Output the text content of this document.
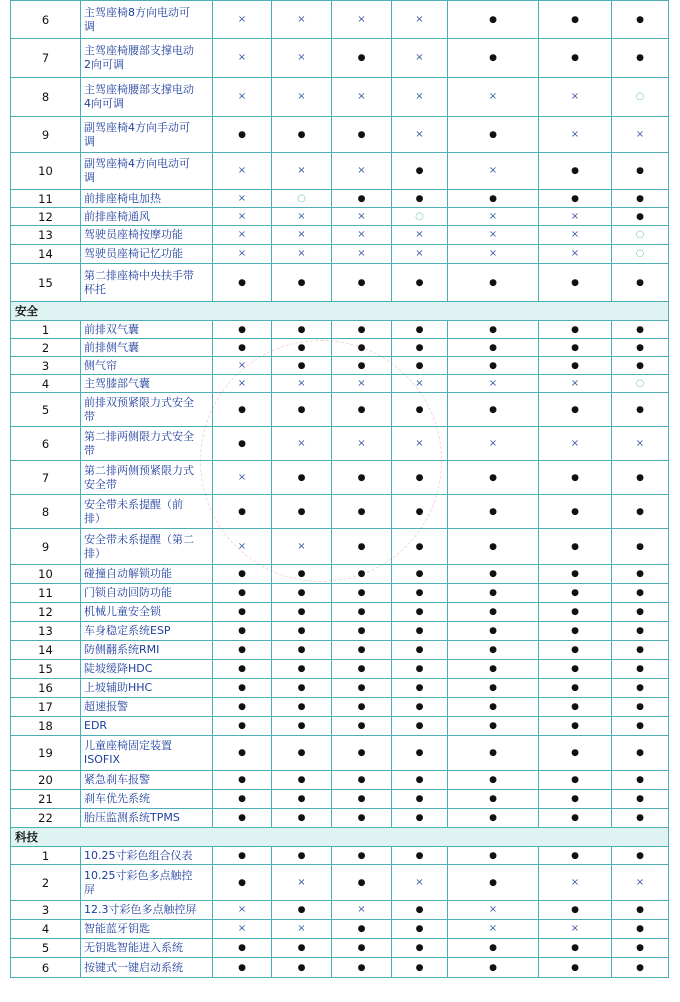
6	主驾座椅8方向电动可
调	×	×	×	×	●	●	●
7	主驾座椅腰部支撑电动
2向可调	×	×	●	×	●	●	●
8	主驾座椅腰部支撑电动
4向可调	×	×	×	×	×	×	○
9	副驾座椅4方向手动可
调	●	●	●	×	●	×	×
10	副驾座椅4方向电动可
调	×	×	×	●	×	●	●
11	前排座椅电加热	×	○	●	●	●	●	●
12	前排座椅通风	×	×	×	○	×	×	●
13	驾驶员座椅按摩功能	×	×	×	×	×	×	○
14	驾驶员座椅记忆功能	×	×	×	×	×	×	○
15	第二排座椅中央扶手带
杯托	●	●	●	●	●	●	●
安全								
1	前排双气囊	●	●	●	●	●	●	●
2	前排侧气囊	●	●	●	●	●	●	●
3	侧气帘	×	●	●	●	●	●	●
4	主驾膝部气囊	×	×	×	×	×	×	○
5	前排双预紧限力式安全
带	●	●	●	●	●	●	●
6	第二排两侧限力式安全
带	●	×	×	×	×	×	×
7	第二排两侧预紧限力式
安全带	×	●	●	●	●	●	●
8	安全带未系提醒（前
排）	●	●	●	●	●	●	●
9	安全带未系提醒（第二
排）	×	×	●	●	●	●	●
10	碰撞自动解锁功能	●	●	●	●	●	●	●
11	门锁自动回防功能	●	●	●	●	●	●	●
12	机械儿童安全锁	●	●	●	●	●	●	●
13	车身稳定系统ESP	●	●	●	●	●	●	●
14	防侧翻系统RMI	●	●	●	●	●	●	●
15	陡坡缓降HDC	●	●	●	●	●	●	●
16	上坡辅助HHC	●	●	●	●	●	●	●
17	超速报警	●	●	●	●	●	●	●
18	EDR	●	●	●	●	●	●	●
19	儿童座椅固定装置
ISOFIX	●	●	●	●	●	●	●
20	紧急刹车报警	●	●	●	●	●	●	●
21	刹车优先系统	●	●	●	●	●	●	●
22	胎压监测系统TPMS	●	●	●	●	●	●	●
科技								
1	10.25寸彩色组合仪表	●	●	●	●	●	●	●
2	10.25寸彩色多点触控
屏	●	×	●	×	●	×	×
3	12.3寸彩色多点触控屏	×	●	×	●	×	●	●
4	智能蓝牙钥匙	×	×	●	●	×	×	●
5	无钥匙智能进入系统	●	●	●	●	●	●	●
6	按键式一键启动系统	●	●	●	●	●	●	●
